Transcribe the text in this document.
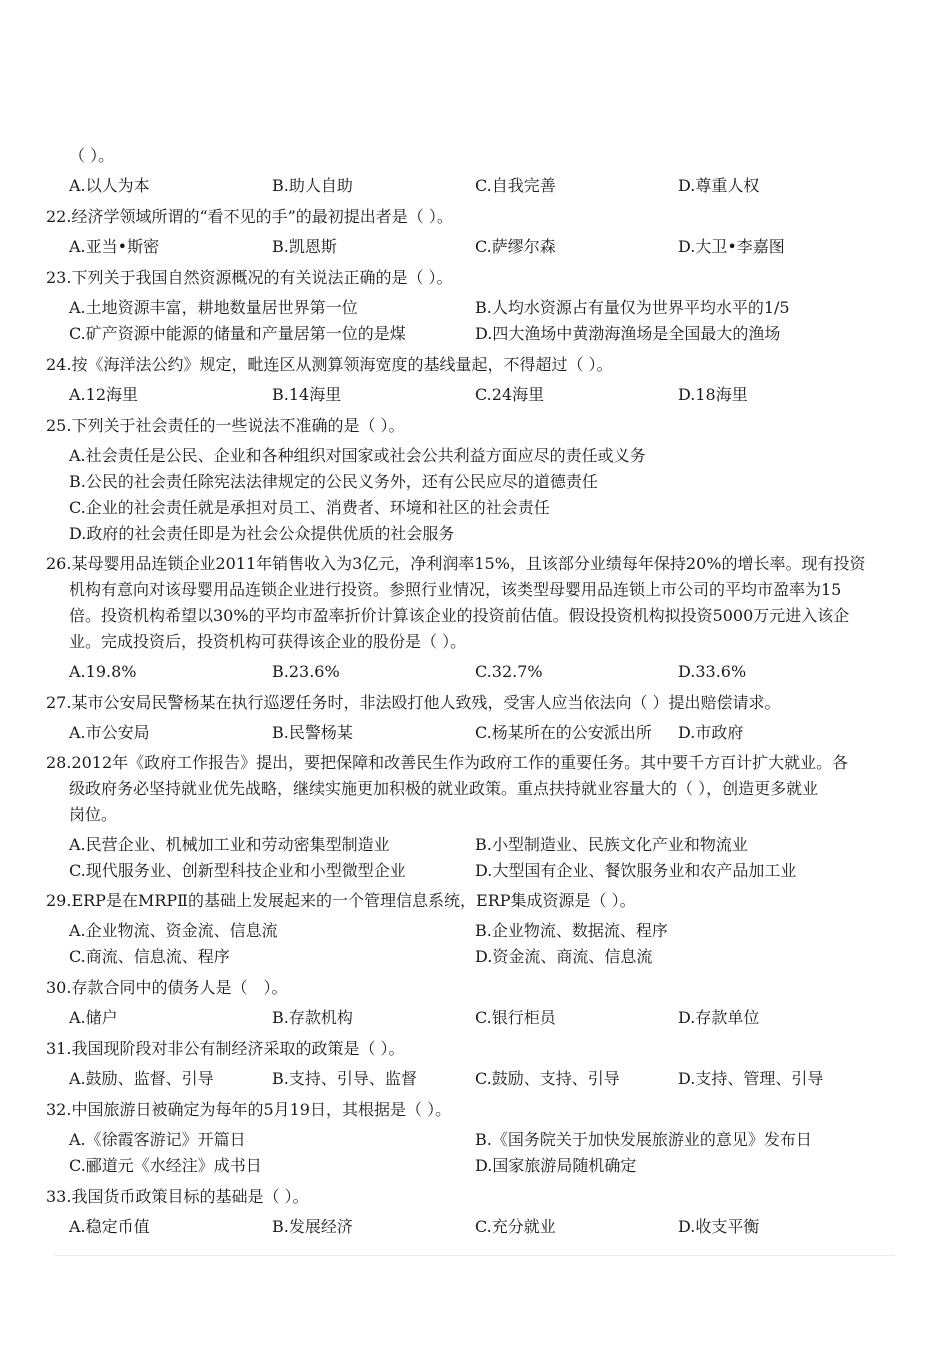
（ ）。
A.以人为本	B.助人自助	C.自我完善	D.尊重人权
22.经济学领域所谓的“看不见的手”的最初提出者是（ ）。
A.亚当•斯密	B.凯恩斯	C.萨缪尔森	D.大卫•李嘉图
23.下列关于我国自然资源概况的有关说法正确的是（ ）。
A.土地资源丰富，耕地数量居世界第一位	B.人均水资源占有量仅为世界平均水平的1/5
C.矿产资源中能源的储量和产量居第一位的是煤	D.四大渔场中黄渤海渔场是全国最大的渔场
24.按《海洋法公约》规定，毗连区从测算领海宽度的基线量起，不得超过（ ）。
A.12海里	B.14海里	C.24海里	D.18海里
25.下列关于社会责任的一些说法不准确的是（ ）。
A.社会责任是公民、企业和各种组织对国家或社会公共利益方面应尽的责任或义务
B.公民的社会责任除宪法法律规定的公民义务外，还有公民应尽的道德责任
C.企业的社会责任就是承担对员工、消费者、环境和社区的社会责任
D.政府的社会责任即是为社会公众提供优质的社会服务
26.某母婴用品连锁企业2011年销售收入为3亿元，净利润率15%，且该部分业绩每年保持20%的增长率。现有投资
机构有意向对该母婴用品连锁企业进行投资。参照行业情况，该类型母婴用品连锁上市公司的平均市盈率为15
倍。投资机构希望以30%的平均市盈率折价计算该企业的投资前估值。假设投资机构拟投资5000万元进入该企
业。完成投资后，投资机构可获得该企业的股份是（ ）。
A.19.8%	B.23.6%	C.32.7%	D.33.6%
27.某市公安局民警杨某在执行巡逻任务时，非法殴打他人致残，受害人应当依法向（ ）提出赔偿请求。
A.市公安局	B.民警杨某	C.杨某所在的公安派出所 D.市政府
28.2012年《政府工作报告》提出，要把保障和改善民生作为政府工作的重要任务。其中要千方百计扩大就业。各
级政府务必坚持就业优先战略，继续实施更加积极的就业政策。重点扶持就业容量大的（ ），创造更多就业
岗位。
A.民营企业、机械加工业和劳动密集型制造业	B.小型制造业、民族文化产业和物流业
C.现代服务业、创新型科技企业和小型微型企业	D.大型国有企业、餐饮服务业和农产品加工业
29.ERP是在MRPⅡ的基础上发展起来的一个管理信息系统，ERP集成资源是（ ）。
A.企业物流、资金流、信息流	B.企业物流、数据流、程序
C.商流、信息流、程序	D.资金流、商流、信息流
30.存款合同中的债务人是（　）。
A.储户	B.存款机构	C.银行柜员	D.存款单位
31.我国现阶段对非公有制经济采取的政策是（ ）。
A.鼓励、监督、引导	B.支持、引导、监督	C.鼓励、支持、引导	D.支持、管理、引导
32.中国旅游日被确定为每年的5月19日，其根据是（ ）。
A.《徐霞客游记》开篇日	B.《国务院关于加快发展旅游业的意见》发布日
C.郦道元《水经注》成书日	D.国家旅游局随机确定
33.我国货币政策目标的基础是（ ）。
A.稳定币值	B.发展经济	C.充分就业	D.收支平衡
